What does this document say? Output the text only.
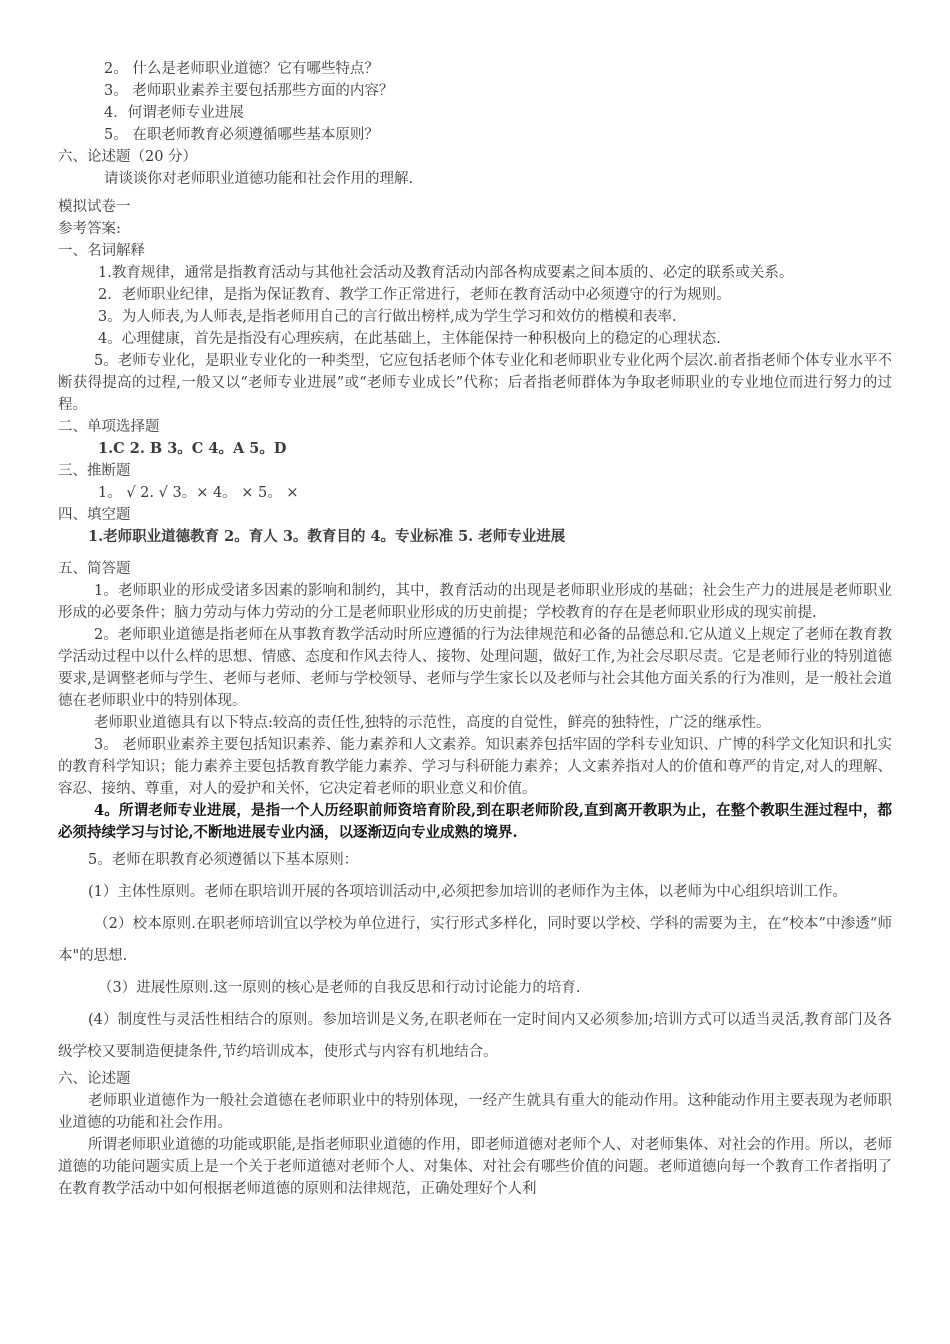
2。 什么是老师职业道德？它有哪些特点？
3。 老师职业素养主要包括那些方面的内容？
4．何谓老师专业进展
5。 在职老师教育必须遵循哪些基本原则？
六、论述题（20 分）
请谈谈你对老师职业道德功能和社会作用的理解.
模拟试卷一
参考答案:
一、名词解释
1.教育规律，通常是指教育活动与其他社会活动及教育活动内部各构成要素之间本质的、必定的联系或关系。
2．老师职业纪律，是指为保证教育、教学工作正常进行，老师在教育活动中必须遵守的行为规则。
3。为人师表,为人师表,是指老师用自己的言行做出榜样,成为学生学习和效仿的楷模和表率.
4。心理健康，首先是指没有心理疾病，在此基础上，主体能保持一种积极向上的稳定的心理状态.
5。老师专业化，是职业专业化的一种类型，它应包括老师个体专业化和老师职业专业化两个层次.前者指老师个体专业水平不断获得提高的过程,一般又以“老师专业进展”或“老师专业成长”代称；后者指老师群体为争取老师职业的专业地位而进行努力的过程。
二、单项选择题
1.C 2. B 3。C 4。A 5。D
三、推断题
1。 √ 2. √ 3。× 4。 × 5。 ×
四、填空题
1.老师职业道德教育 2。育人 3。教育目的 4。专业标准 5. 老师专业进展
五、简答题
1。老师职业的形成受诸多因素的影响和制约，其中，教育活动的出现是老师职业形成的基础；社会生产力的进展是老师职业形成的必要条件；脑力劳动与体力劳动的分工是老师职业形成的历史前提；学校教育的存在是老师职业形成的现实前提.
2。老师职业道德是指老师在从事教育教学活动时所应遵循的行为法律规范和必备的品德总和.它从道义上规定了老师在教育教学活动过程中以什么样的思想、情感、态度和作风去待人、接物、处理问题，做好工作,为社会尽职尽责。它是老师行业的特别道德要求,是调整老师与学生、老师与老师、老师与学校领导、老师与学生家长以及老师与社会其他方面关系的行为准则，是一般社会道德在老师职业中的特别体现。
老师职业道德具有以下特点:较高的责任性,独特的示范性，高度的自觉性，鲜亮的独特性，广泛的继承性。
3。 老师职业素养主要包括知识素养、能力素养和人文素养。知识素养包括牢固的学科专业知识、广博的科学文化知识和扎实的教育科学知识；能力素养主要包括教育教学能力素养、学习与科研能力素养；人文素养指对人的价值和尊严的肯定,对人的理解、容忍、接纳、尊重，对人的爱护和关怀，它决定着老师的职业意义和价值。
4。所谓老师专业进展，是指一个人历经职前师资培育阶段,到在职老师阶段,直到离开教职为止，在整个教职生涯过程中，都必须持续学习与讨论,不断地进展专业内涵，以逐渐迈向专业成熟的境界.
5。老师在职教育必须遵循以下基本原则：
(1）主体性原则。老师在职培训开展的各项培训活动中,必须把参加培训的老师作为主体，以老师为中心组织培训工作。
（2）校本原则.在职老师培训宜以学校为单位进行，实行形式多样化，同时要以学校、学科的需要为主，在“校本”中渗透“师本"的思想.
（3）进展性原则.这一原则的核心是老师的自我反思和行动讨论能力的培育.
(4）制度性与灵活性相结合的原则。参加培训是义务,在职老师在一定时间内又必须参加;培训方式可以适当灵活,教育部门及各级学校又要制造便捷条件,节约培训成本，使形式与内容有机地结合。
六、论述题
老师职业道德作为一般社会道德在老师职业中的特别体现，一经产生就具有重大的能动作用。这种能动作用主要表现为老师职业道德的功能和社会作用。
所谓老师职业道德的功能或职能,是指老师职业道德的作用，即老师道德对老师个人、对老师集体、对社会的作用。所以，老师道德的功能问题实质上是一个关于老师道德对老师个人、对集体、对社会有哪些价值的问题。老师道德向每一个教育工作者指明了在教育教学活动中如何根据老师道德的原则和法律规范，正确处理好个人利
